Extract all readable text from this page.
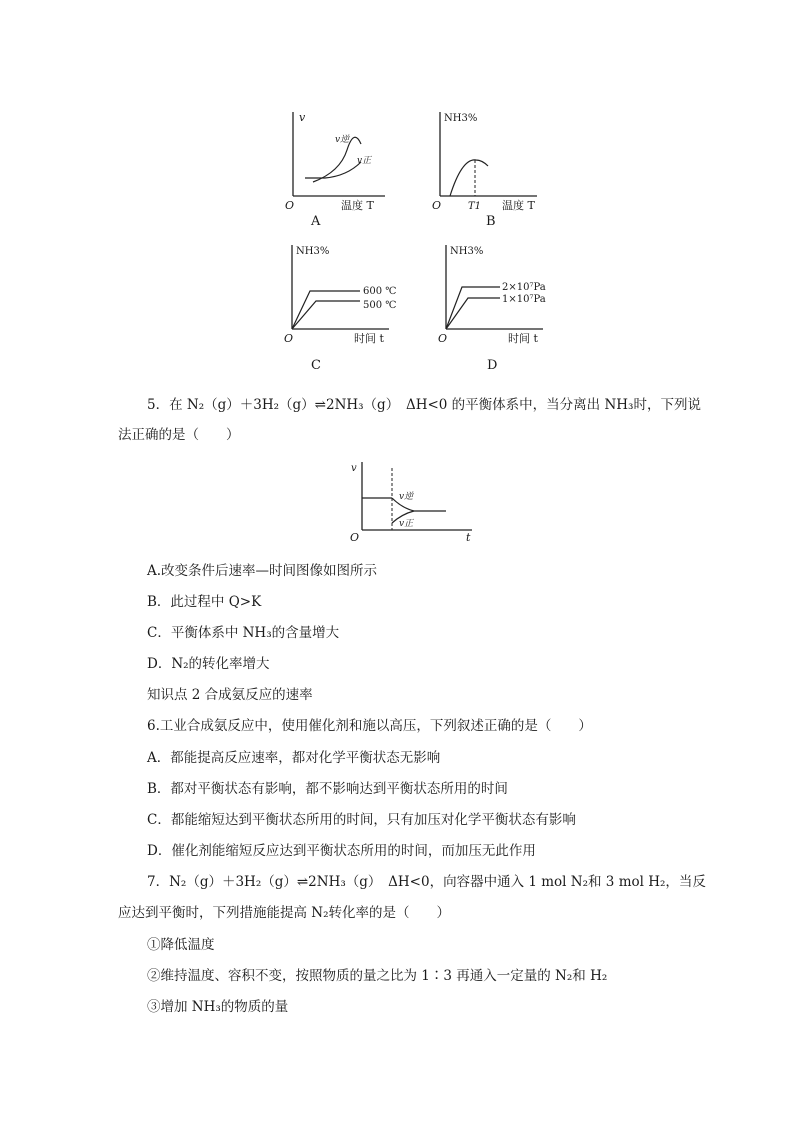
v
v逆
v正
O	温度 T
A
NH3%
O	T1 温度 T
B
NH3%
600 ℃
500 ℃
O	时间 t
C
NH3%
2×10⁷Pa
1×10⁷Pa
O	时间 t
D
5．在 N₂（g）＋3H₂（g）⇌2NH₃（g）　ΔH<0 的平衡体系中，当分离出 NH₃时，下列说
法正确的是（　　）
v
v逆
v正
O	t
A.改变条件后速率—时间图像如图所示
B．此过程中 Q>K
C．平衡体系中 NH₃的含量增大
D．N₂的转化率增大
知识点 2 合成氨反应的速率
6.工业合成氨反应中，使用催化剂和施以高压，下列叙述正确的是（　　）
A．都能提高反应速率，都对化学平衡状态无影响
B．都对平衡状态有影响，都不影响达到平衡状态所用的时间
C．都能缩短达到平衡状态所用的时间，只有加压对化学平衡状态有影响
D．催化剂能缩短反应达到平衡状态所用的时间，而加压无此作用
7．N₂（g）＋3H₂（g）⇌2NH₃（g）　ΔH<0，向容器中通入 1 mol N₂和 3 mol H₂，当反
应达到平衡时，下列措施能提高 N₂转化率的是（　　）
①降低温度
②维持温度、容积不变，按照物质的量之比为 1∶3 再通入一定量的 N₂和 H₂
③增加 NH₃的物质的量
